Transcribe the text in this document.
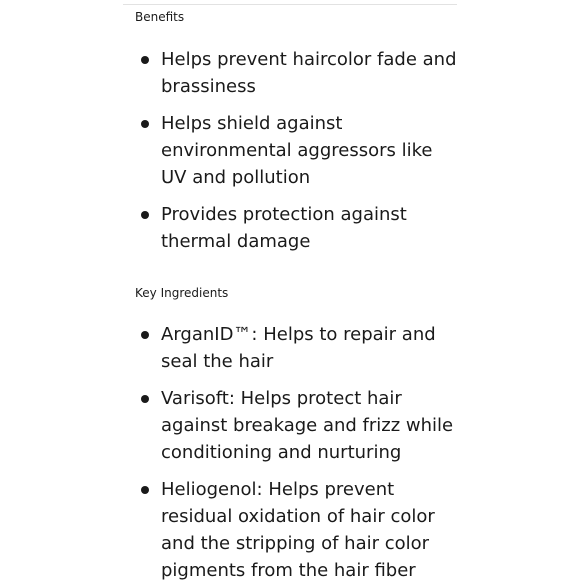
Benefits
Helps prevent haircolor fade and brassiness
Helps shield against environmental aggressors like UV and pollution
Provides protection against thermal damage
Key Ingredients
ArganID™: Helps to repair and seal the hair
Varisoft: Helps protect hair against breakage and frizz while conditioning and nurturing
Heliogenol: Helps prevent residual oxidation of hair color and the stripping of hair color pigments from the hair fiber
